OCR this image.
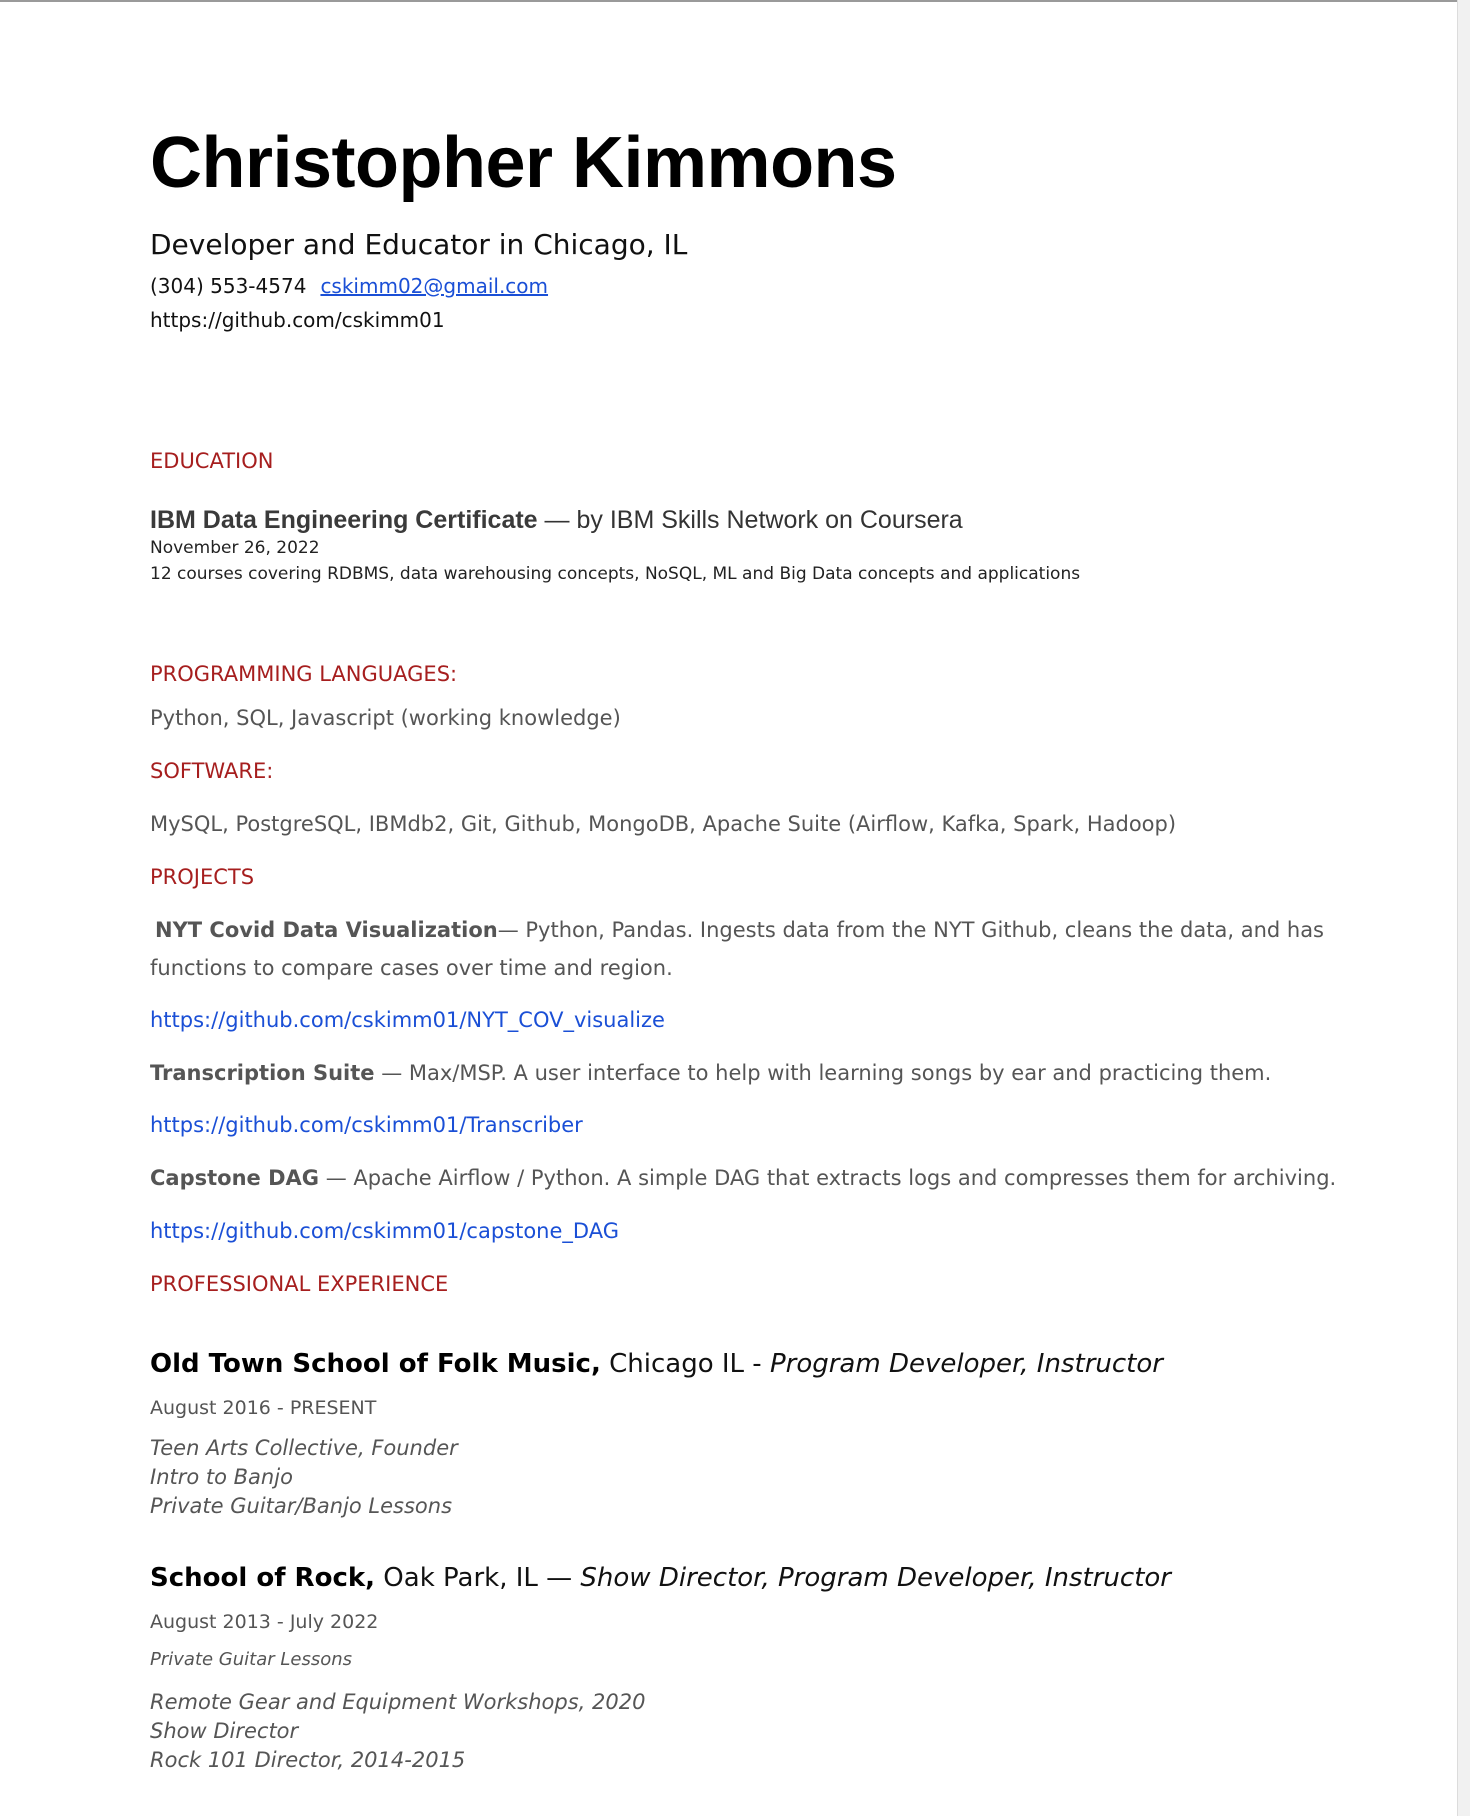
Christopher Kimmons
Developer and Educator in Chicago, IL
(304) 553-4574 cskimm02@gmail.com
https://github.com/cskimm01
EDUCATION
IBM Data Engineering Certificate — by IBM Skills Network on Coursera
November 26, 2022
12 courses covering RDBMS, data warehousing concepts, NoSQL, ML and Big Data concepts and applications
PROGRAMMING LANGUAGES:
Python, SQL, Javascript (working knowledge)
SOFTWARE:
MySQL, PostgreSQL, IBMdb2, Git, Github, MongoDB, Apache Suite (Airflow, Kafka, Spark, Hadoop)
PROJECTS
NYT Covid Data Visualization— Python, Pandas. Ingests data from the NYT Github, cleans the data, and has
functions to compare cases over time and region.
https://github.com/cskimm01/NYT_COV_visualize
Transcription Suite — Max/MSP. A user interface to help with learning songs by ear and practicing them.
https://github.com/cskimm01/Transcriber
Capstone DAG — Apache Airflow / Python. A simple DAG that extracts logs and compresses them for archiving.
https://github.com/cskimm01/capstone_DAG
PROFESSIONAL EXPERIENCE
Old Town School of Folk Music, Chicago IL - Program Developer, Instructor
August 2016 - PRESENT
Teen Arts Collective, Founder
Intro to Banjo
Private Guitar/Banjo Lessons
School of Rock, Oak Park, IL — Show Director, Program Developer, Instructor
August 2013 - July 2022
Private Guitar Lessons
Remote Gear and Equipment Workshops, 2020
Show Director
Rock 101 Director, 2014-2015
